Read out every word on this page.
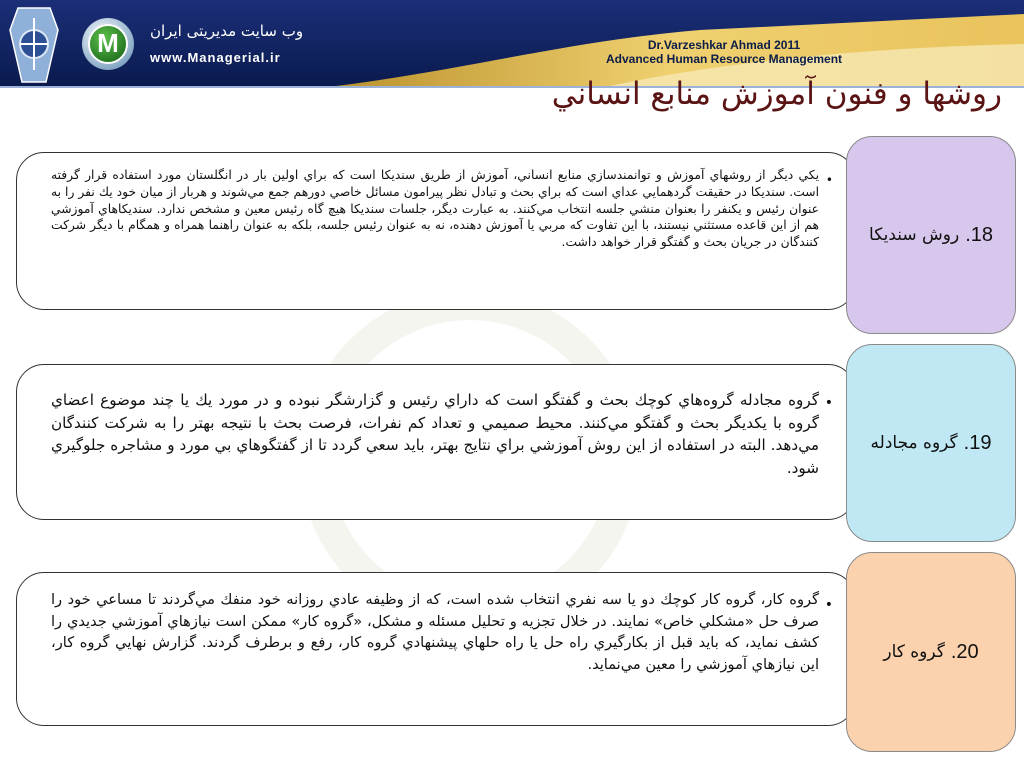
M وب سایت مدیریتی ایران
www.Managerial.ir
Dr.Varzeshkar Ahmad 2011
Advanced Human Resource Management
روشها و فنون آموزش منابع انساني
•
يكي ديگر از روشهاي آموزش و توانمندسازي منابع انساني، آموزش از طريق سنديكا است كه براي اولين بار در انگلستان مورد استفاده قرار گرفته است. سنديكا در حقيقت گردهمايي عداي است كه براي بحث و تبادل نظر پيرامون مسائل خاصي دورهم جمع مي‌شوند و هربار از ميان خود يك نفر را به عنوان رئيس و يكنفر را بعنوان منشي جلسه انتخاب مي‌كنند. به عبارت ديگر، جلسات سنديكا هيچ گاه رئيس معين و مشخص ندارد. سنديكاهاي آموزشي هم از اين قاعده مستثني نيستند، با اين تفاوت كه مربي يا آموزش دهنده، نه به عنوان رئيس جلسه، بلكه به عنوان راهنما همراه و همگام با ديگر شركت كنندگان در جريان بحث و گفتگو قرار خواهد داشت.	18.
روش سنديكا
•
گروه مجادله گروه‌هاي كوچك بحث و گفتگو است كه داراي رئيس و گزارشگر نبوده و در مورد يك يا چند موضوع اعضاي گروه با يكديگر بحث و گفتگو مي‌كنند. محيط صميمي و تعداد كم نفرات، فرصت بحث با نتيجه بهتر را به شركت كنندگان مي‌دهد. البته در استفاده از اين روش آموزشي براي نتايج بهتر، بايد سعي گردد تا از گفتگوهاي بي مورد و مشاجره جلوگيري شود.
19.
گروه مجادله
•
گروه كار، گروه كار كوچك دو يا سه نفري انتخاب شده است، كه از وظيفه عادي روزانه خود منفك مي‌گردند تا مساعي خود را صرف حل «مشكلي خاص» نمايند. در خلال تجزيه و تحليل مسئله و مشكل، «گروه كار» ممكن است نيازهاي آموزشي جديدي را كشف نمايد، كه بايد قبل از بكارگيري راه حل يا راه حلهاي پيشنهادي گروه كار، رفع و برطرف گردند. گزارش نهايي گروه كار، اين نيازهاي آموزشي را معين مي‌نمايد.
20.
گروه كار
